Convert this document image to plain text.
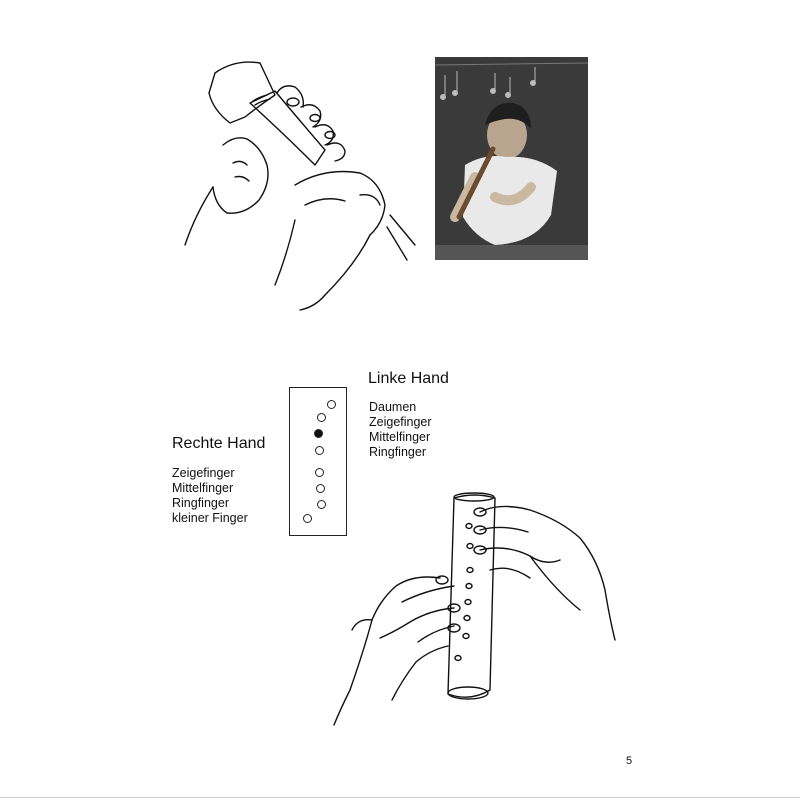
Linke Hand
Daumen
Zeigefinger
Mittelfinger
Ringfinger
Rechte Hand
Zeigefinger
Mittelfinger
Ringfinger
kleiner Finger
5
